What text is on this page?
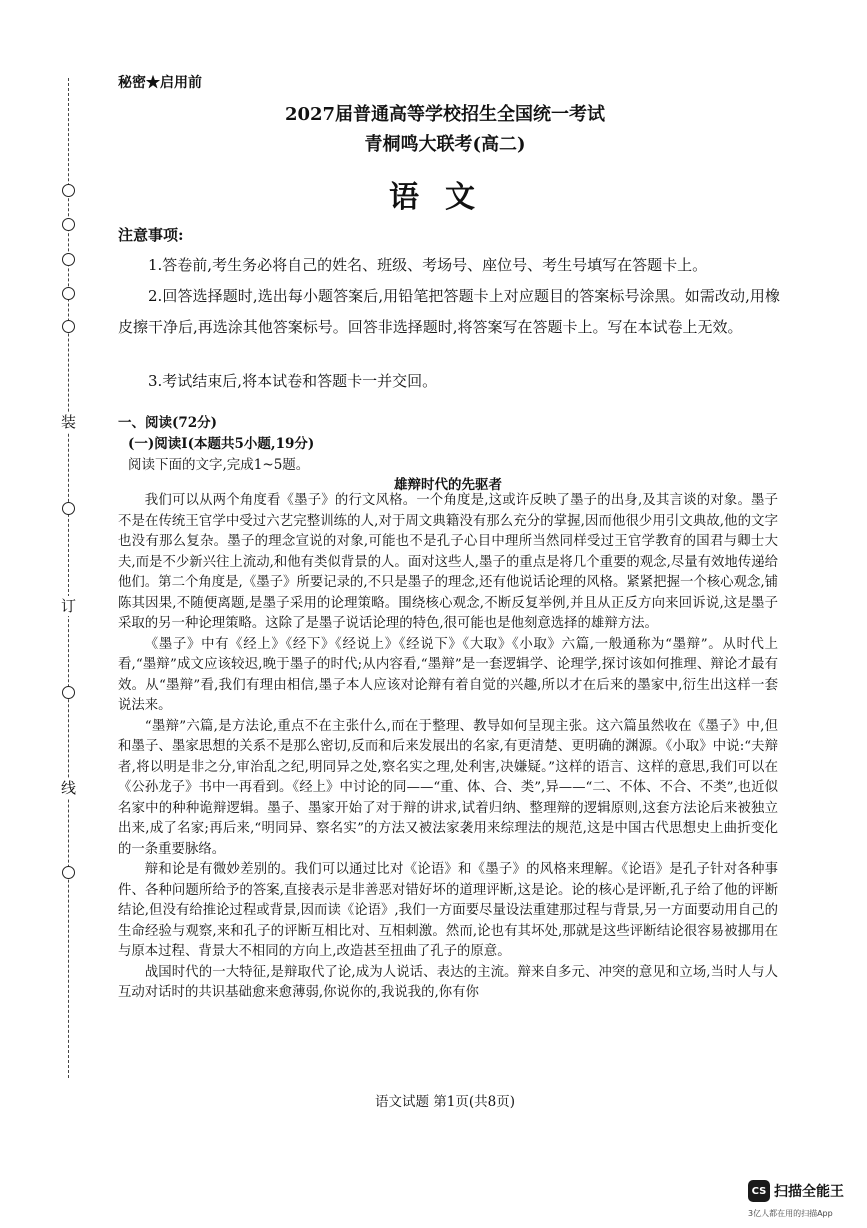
装
订
线
秘密★启用前
2027届普通高等学校招生全国统一考试
青桐鸣大联考(高二)
语文
注意事项:
1.答卷前,考生务必将自己的姓名、班级、考场号、座位号、考生号填写在答题卡上。
2.回答选择题时,选出每小题答案后,用铅笔把答题卡上对应题目的答案标号涂黑。如需改动,用橡皮擦干净后,再选涂其他答案标号。回答非选择题时,将答案写在答题卡上。写在本试卷上无效。
3.考试结束后,将本试卷和答题卡一并交回。
一、阅读(72分)
(一)阅读Ⅰ(本题共5小题,19分)
阅读下面的文字,完成1~5题。
雄辩时代的先驱者

我们可以从两个角度看《墨子》的行文风格。一个角度是,这或许反映了墨子的出身,及其言谈的对象。墨子不是在传统王官学中受过六艺完整训练的人,对于周文典籍没有那么充分的掌握,因而他很少用引文典故,他的文字也没有那么复杂。墨子的理念宣说的对象,可能也不是孔子心目中理所当然同样受过王官学教育的国君与卿士大夫,而是不少新兴往上流动,和他有类似背景的人。面对这些人,墨子的重点是将几个重要的观念,尽量有效地传递给他们。第二个角度是,《墨子》所要记录的,不只是墨子的理念,还有他说话论理的风格。紧紧把握一个核心观念,铺陈其因果,不随便离题,是墨子采用的论理策略。围绕核心观念,不断反复举例,并且从正反方向来回诉说,这是墨子采取的另一种论理策略。这除了是墨子说话论理的特色,很可能也是他刻意选择的雄辩方法。

《墨子》中有《经上》《经下》《经说上》《经说下》《大取》《小取》六篇,一般通称为“墨辩”。从时代上看,“墨辩”成文应该较迟,晚于墨子的时代;从内容看,“墨辩”是一套逻辑学、论理学,探讨该如何推理、辩论才最有效。从“墨辩”看,我们有理由相信,墨子本人应该对论辩有着自觉的兴趣,所以才在后来的墨家中,衍生出这样一套说法来。

“墨辩”六篇,是方法论,重点不在主张什么,而在于整理、教导如何呈现主张。这六篇虽然收在《墨子》中,但和墨子、墨家思想的关系不是那么密切,反而和后来发展出的名家,有更清楚、更明确的渊源。《小取》中说:“夫辩者,将以明是非之分,审治乱之纪,明同异之处,察名实之理,处利害,决嫌疑。”这样的语言、这样的意思,我们可以在《公孙龙子》书中一再看到。《经上》中讨论的同——“重、体、合、类”,异——“二、不体、不合、不类”,也近似名家中的种种诡辩逻辑。墨子、墨家开始了对于辩的讲求,试着归纳、整理辩的逻辑原则,这套方法论后来被独立出来,成了名家;再后来,“明同异、察名实”的方法又被法家袭用来综理法的规范,这是中国古代思想史上曲折变化的一条重要脉络。

辩和论是有微妙差别的。我们可以通过比对《论语》和《墨子》的风格来理解。《论语》是孔子针对各种事件、各种问题所给予的答案,直接表示是非善恶对错好坏的道理评断,这是论。论的核心是评断,孔子给了他的评断结论,但没有给推论过程或背景,因而读《论语》,我们一方面要尽量设法重建那过程与背景,另一方面要动用自己的生命经验与观察,来和孔子的评断互相比对、互相刺激。然而,论也有其坏处,那就是这些评断结论很容易被挪用在与原本过程、背景大不相同的方向上,改造甚至扭曲了孔子的原意。

战国时代的一大特征,是辩取代了论,成为人说话、表达的主流。辩来自多元、冲突的意见和立场,当时人与人互动对话时的共识基础愈来愈薄弱,你说你的,我说我的,你有你

语文试题 第1页(共8页)
CS 扫描全能王
3亿人都在用的扫描App
